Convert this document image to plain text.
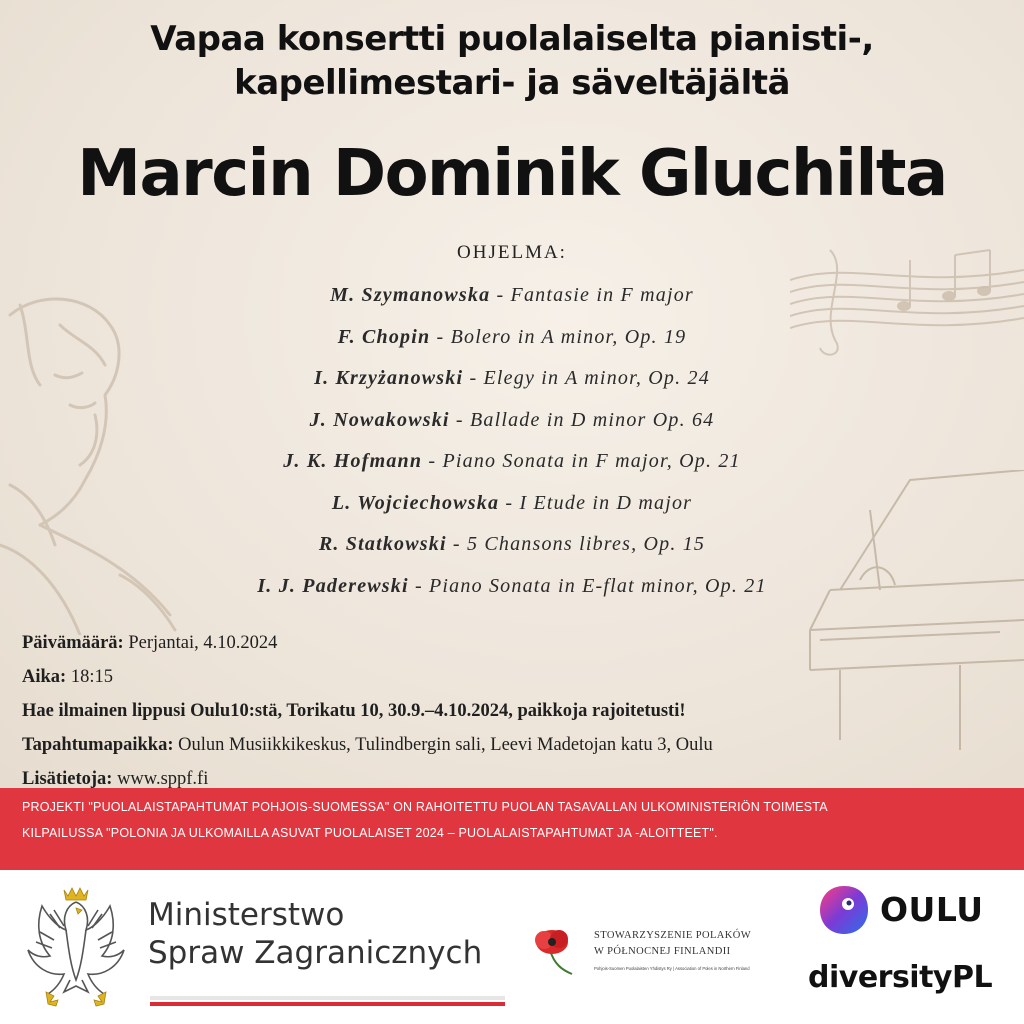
Vapaa konsertti puolalaiselta pianisti-,
kapellimestari- ja säveltäjältä
Marcin Dominik Gluchilta
OHJELMA:
M. Szymanowska - Fantasie in F major
F. Chopin - Bolero in A minor, Op. 19
I. Krzyżanowski - Elegy in A minor, Op. 24
J. Nowakowski - Ballade in D minor Op. 64
J. K. Hofmann - Piano Sonata in F major, Op. 21
L. Wojciechowska - I Etude in D major
R. Statkowski - 5 Chansons libres, Op. 15
I. J. Paderewski - Piano Sonata in E-flat minor, Op. 21
Päivämäärä: Perjantai, 4.10.2024
Aika: 18:15
Hae ilmainen lippusi Oulu10:stä, Torikatu 10, 30.9.–4.10.2024, paikkoja rajoitetusti!
Tapahtumapaikka: Oulun Musiikkikeskus, Tulindbergin sali, Leevi Madetojan katu 3, Oulu
Lisätietoja: www.sppf.fi
PROJEKTI "PUOLALAISTAPAHTUMAT POHJOIS-SUOMESSA" ON RAHOITETTU PUOLAN TASAVALLAN ULKOMINISTERIÖN TOIMESTA
KILPAILUSSA "POLONIA JA ULKOMAILLA ASUVAT PUOLALAISET 2024 – PUOLALAISTAPAHTUMAT JA -ALOITTEET".
Ministerstwo
Spraw Zagranicznych	STOWARZYSZENIE POLAKÓW
W PÓŁNOCNEJ FINLANDII
Pohjois-Suomen Puolalaisten Yhdistys Ry | Association of Poles in Northern Finland
OULU
diversityPL
